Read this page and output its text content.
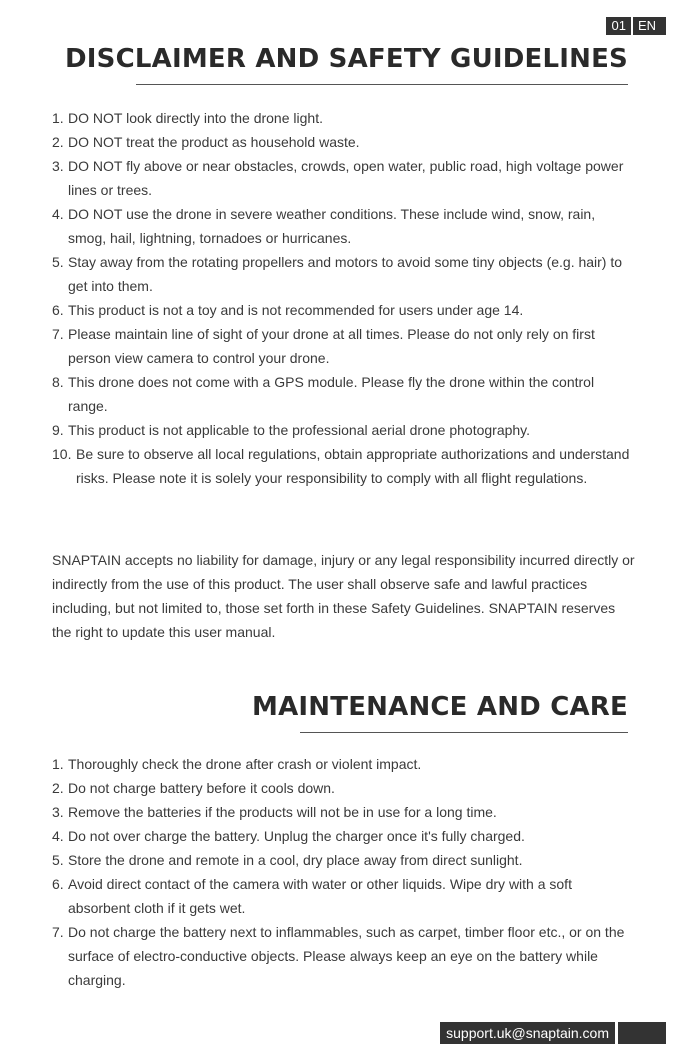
01 EN
DISCLAIMER AND SAFETY GUIDELINES
1. DO NOT look directly into the drone light.
2. DO NOT treat the product as household waste.
3. DO NOT fly above or near obstacles, crowds, open water, public road, high voltage power lines or trees.
4. DO NOT use the drone in severe weather conditions. These include wind, snow, rain, smog, hail, lightning, tornadoes or hurricanes.
5. Stay away from the rotating propellers and motors to avoid some tiny objects (e.g. hair) to get into them.
6. This product is not a toy and is not recommended for users under age 14.
7. Please maintain line of sight of your drone at all times. Please do not only rely on first person view camera to control your drone.
8. This drone does not come with a GPS module. Please fly the drone within the control range.
9. This product is not applicable to the professional aerial drone photography.
10. Be sure to observe all local regulations, obtain appropriate authorizations and understand risks. Please note it is solely your responsibility to comply with all flight regulations.

SNAPTAIN accepts no liability for damage, injury or any legal responsibility incurred directly or indirectly from the use of this product. The user shall observe safe and lawful practices including, but not limited to, those set forth in these Safety Guidelines. SNAPTAIN reserves the right to update this user manual.

MAINTENANCE AND CARE
1. Thoroughly check the drone after crash or violent impact.
2. Do not charge battery before it cools down.
3. Remove the batteries if the products will not be in use for a long time.
4. Do not over charge the battery. Unplug the charger once it's fully charged.
5. Store the drone and remote in a cool, dry place away from direct sunlight.
6. Avoid direct contact of the camera with water or other liquids. Wipe dry with a soft absorbent cloth if it gets wet.
7. Do not charge the battery next to inflammables, such as carpet, timber floor etc., or on the surface of electro-conductive objects. Please always keep an eye on the battery while charging.
support.uk@snaptain.com
